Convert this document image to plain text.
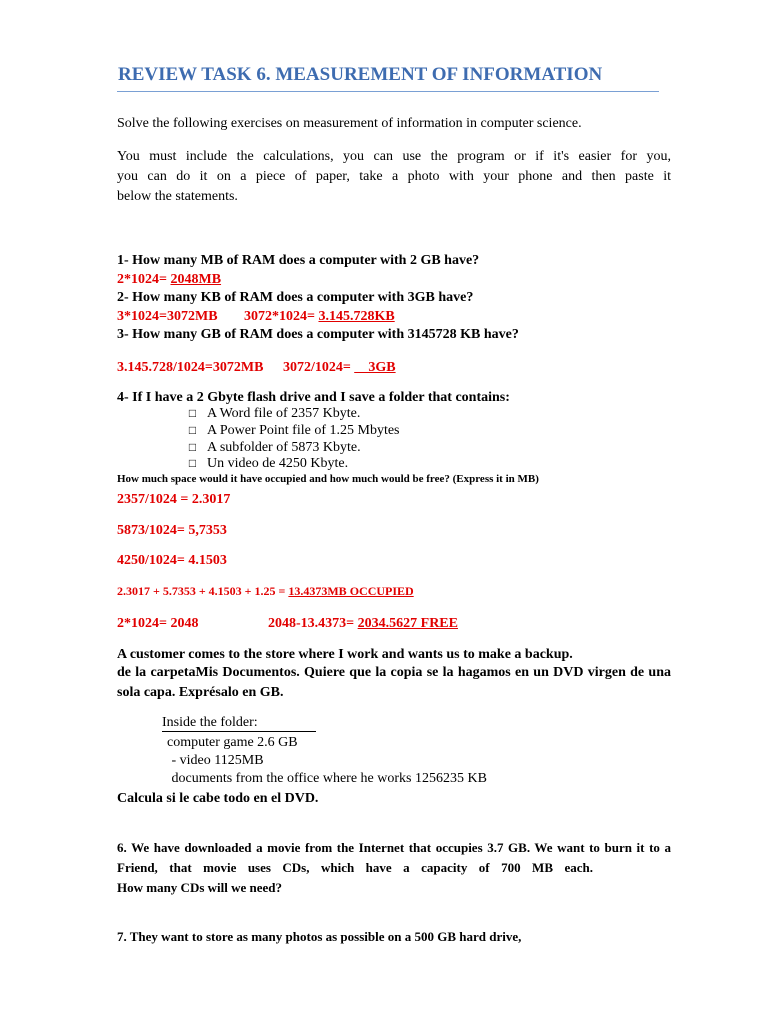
REVIEW TASK 6. MEASUREMENT OF INFORMATION
Solve the following exercises on measurement of information in computer science.
You must include the calculations, you can use the program or if it's easier for you,
you can do it on a piece of paper, take a photo with your phone and then paste it
below the statements.
1- How many MB of RAM does a computer with 2 GB have?
2*1024= 2048MB
2- How many KB of RAM does a computer with 3GB have?
3*1024=3072MB 3072*1024= 3.145.728KB
3- How many GB of RAM does a computer with 3145728 KB have?
3.145.728/1024=3072MB 3072/1024= __3GB
4- If I have a 2 Gbyte flash drive and I save a folder that contains:
□ A Word file of 2357 Kbyte.
□ A Power Point file of 1.25 Mbytes
□ A subfolder of 5873 Kbyte.
□ Un video de 4250 Kbyte.
How much space would it have occupied and how much would be free? (Express it in MB)
2357/1024 = 2.3017
5873/1024= 5,7353
4250/1024= 4.1503
2.3017 + 5.7353 + 4.1503 + 1.25 = 13.4373MB OCCUPIED
2*1024= 2048	2048-13.4373= 2034.5627 FREE
A customer comes to the store where I work and wants us to make a backup.
de la carpetaMis Documentos. Quiere que la copia se la hagamos en un DVD virgen de una
sola capa. Exprésalo en GB.
Inside the folder:
computer game 2.6 GB
- video 1125MB
documents from the office where he works 1256235 KB
Calcula si le cabe todo en el DVD.
6. We have downloaded a movie from the Internet that occupies 3.7 GB. We want to burn it to a
Friend, that movie uses CDs, which have a capacity of 700 MB each.
How many CDs will we need?
7. They want to store as many photos as possible on a 500 GB hard drive,
